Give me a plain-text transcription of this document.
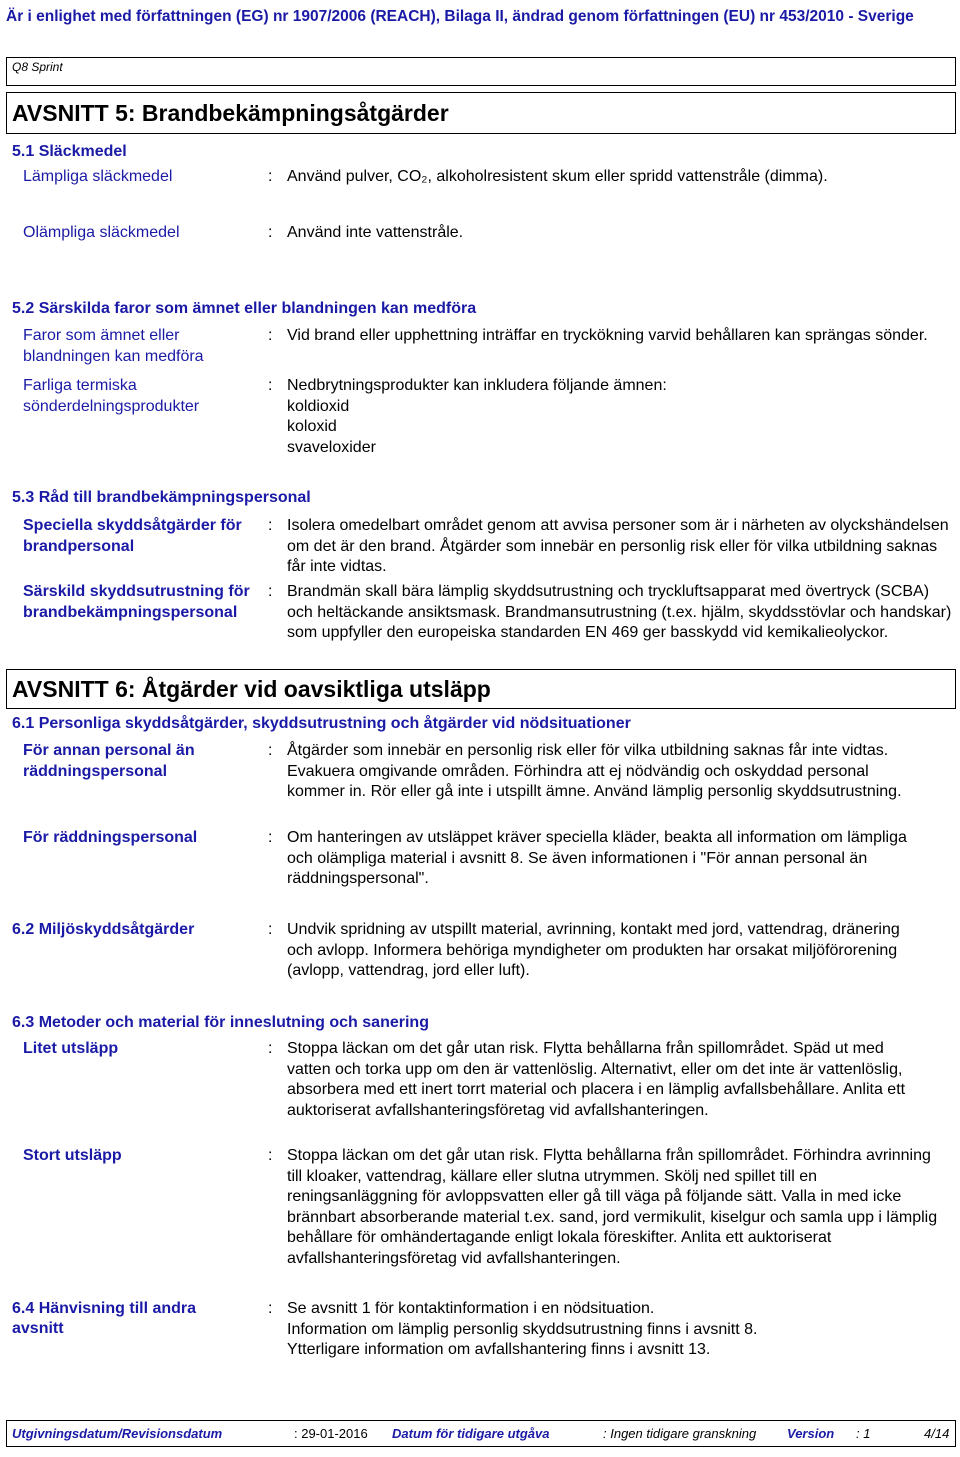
Är i enlighet med författningen (EG) nr 1907/2006 (REACH), Bilaga II, ändrad genom författningen (EU) nr 453/2010 - Sverige
Q8 Sprint
AVSNITT 5: Brandbekämpningsåtgärder
5.1 Släckmedel
Lämpliga släckmedel	: Använd pulver, CO₂, alkoholresistent skum eller spridd vattenstråle (dimma).
Olämpliga släckmedel	: Använd inte vattenstråle.
5.2 Särskilda faror som ämnet eller blandningen kan medföra
Faror som ämnet eller blandningen kan medföra
: Vid brand eller upphettning inträffar en tryckökning varvid behållaren kan sprängas sönder.
Farliga termiska sönderdelningsprodukter
: Nedbrytningsprodukter kan inkludera följande ämnen:
koldioxid
koloxid
svaveloxider
5.3 Råd till brandbekämpningspersonal
Speciella skyddsåtgärder för brandpersonal
: Isolera omedelbart området genom att avvisa personer som är i närheten av olyckshändelsen om det är den brand. Åtgärder som innebär en personlig risk eller för vilka utbildning saknas får inte vidtas.
Särskild skyddsutrustning för brandbekämpningspersonal
: Brandmän skall bära lämplig skyddsutrustning och tryckluftsapparat med övertryck (SCBA) och heltäckande ansiktsmask. Brandmansutrustning (t.ex. hjälm, skyddsstövlar och handskar) som uppfyller den europeiska standarden EN 469 ger basskydd vid kemikalieolyckor.
AVSNITT 6: Åtgärder vid oavsiktliga utsläpp
6.1 Personliga skyddsåtgärder, skyddsutrustning och åtgärder vid nödsituationer
För annan personal än räddningspersonal
: Åtgärder som innebär en personlig risk eller för vilka utbildning saknas får inte vidtas. Evakuera omgivande områden. Förhindra att ej nödvändig och oskyddad personal kommer in. Rör eller gå inte i utspillt ämne. Använd lämplig personlig skyddsutrustning.
För räddningspersonal	: Om hanteringen av utsläppet kräver speciella kläder, beakta all information om lämpliga och olämpliga material i avsnitt 8. Se även informationen i "För annan personal än räddningspersonal".
6.2 Miljöskyddsåtgärder	: Undvik spridning av utspillt material, avrinning, kontakt med jord, vattendrag, dränering och avlopp. Informera behöriga myndigheter om produkten har orsakat miljöförorening (avlopp, vattendrag, jord eller luft).
6.3 Metoder och material för inneslutning och sanering
Litet utsläpp	: Stoppa läckan om det går utan risk. Flytta behållarna från spillområdet. Späd ut med vatten och torka upp om den är vattenlöslig. Alternativt, eller om det inte är vattenlöslig, absorbera med ett inert torrt material och placera i en lämplig avfallsbehållare. Anlita ett auktoriserat avfallshanteringsföretag vid avfallshanteringen.
Stort utsläpp	: Stoppa läckan om det går utan risk. Flytta behållarna från spillområdet. Förhindra avrinning till kloaker, vattendrag, källare eller slutna utrymmen. Skölj ned spillet till en reningsanläggning för avloppsvatten eller gå till väga på följande sätt. Valla in med icke brännbart absorberande material t.ex. sand, jord vermikulit, kiselgur och samla upp i lämplig behållare för omhändertagande enligt lokala föreskifter. Anlita ett auktoriserat avfallshanteringsföretag vid avfallshanteringen.
6.4 Hänvisning till andra avsnitt
: Se avsnitt 1 för kontaktinformation i en nödsituation.
Information om lämplig personlig skyddsutrustning finns i avsnitt 8.
Ytterligare information om avfallshantering finns i avsnitt 13.
Utgivningsdatum/Revisionsdatum	: 29-01-2016 Datum för tidigare utgåva	: Ingen tidigare granskning Version : 1	4/14
